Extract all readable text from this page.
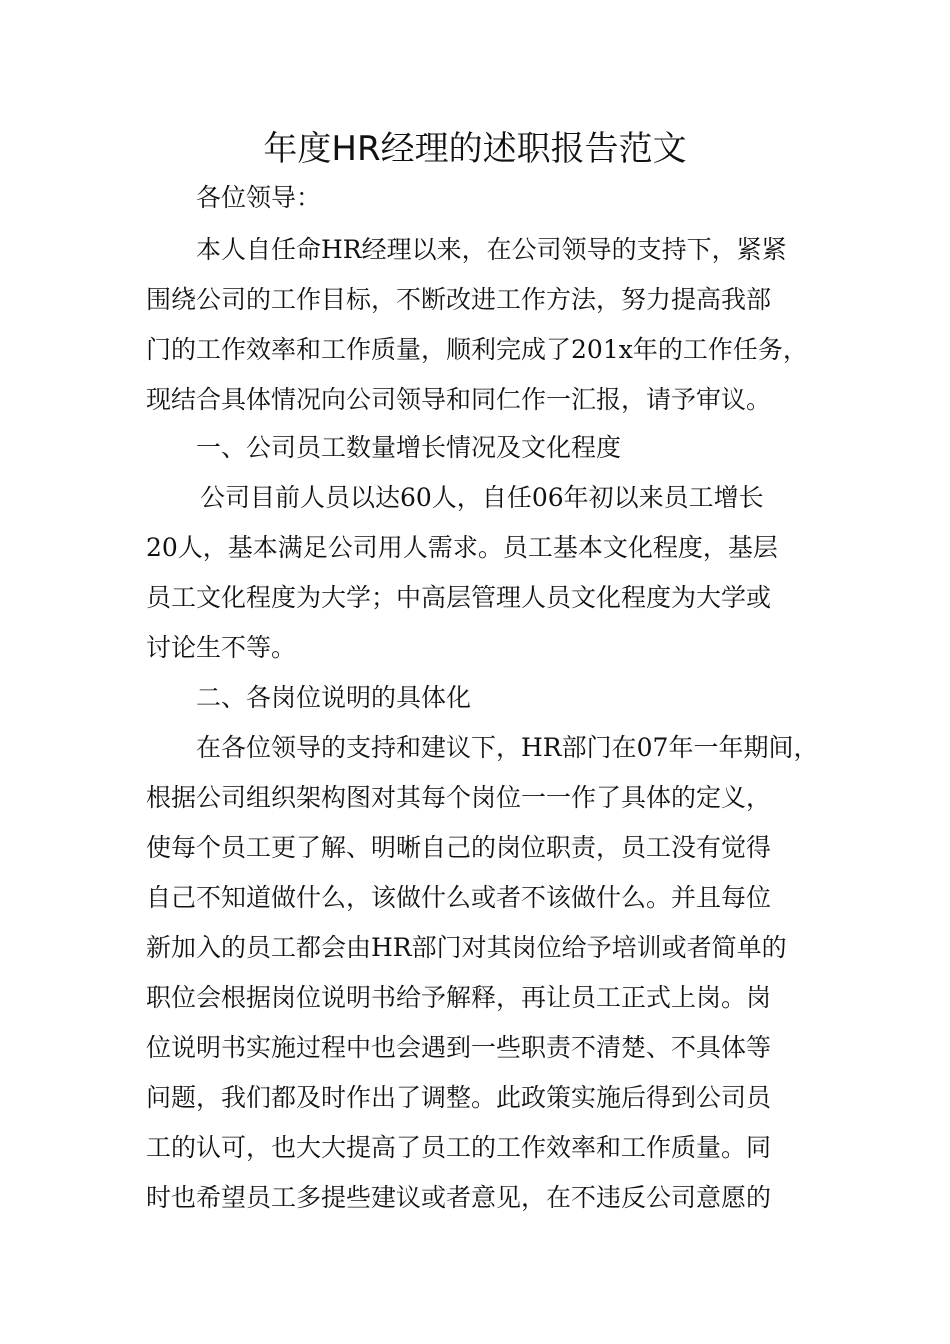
年度HR经理的述职报告范文
各位领导：
本人自任命HR经理以来，在公司领导的支持下，紧紧
围绕公司的工作目标，不断改进工作方法，努力提高我部
门的工作效率和工作质量，顺利完成了201x年的工作任务，
现结合具体情况向公司领导和同仁作一汇报，请予审议。
一、公司员工数量增长情况及文化程度
公司目前人员以达60人，自任06年初以来员工增长
20人，基本满足公司用人需求。员工基本文化程度，基层
员工文化程度为大学；中高层管理人员文化程度为大学或
讨论生不等。
二、各岗位说明的具体化
在各位领导的支持和建议下，HR部门在07年一年期间，
根据公司组织架构图对其每个岗位一一作了具体的定义，
使每个员工更了解、明晰自己的岗位职责，员工没有觉得
自己不知道做什么，该做什么或者不该做什么。并且每位
新加入的员工都会由HR部门对其岗位给予培训或者简单的
职位会根据岗位说明书给予解释，再让员工正式上岗。岗
位说明书实施过程中也会遇到一些职责不清楚、不具体等
问题，我们都及时作出了调整。此政策实施后得到公司员
工的认可，也大大提高了员工的工作效率和工作质量。同
时也希望员工多提些建议或者意见，在不违反公司意愿的
